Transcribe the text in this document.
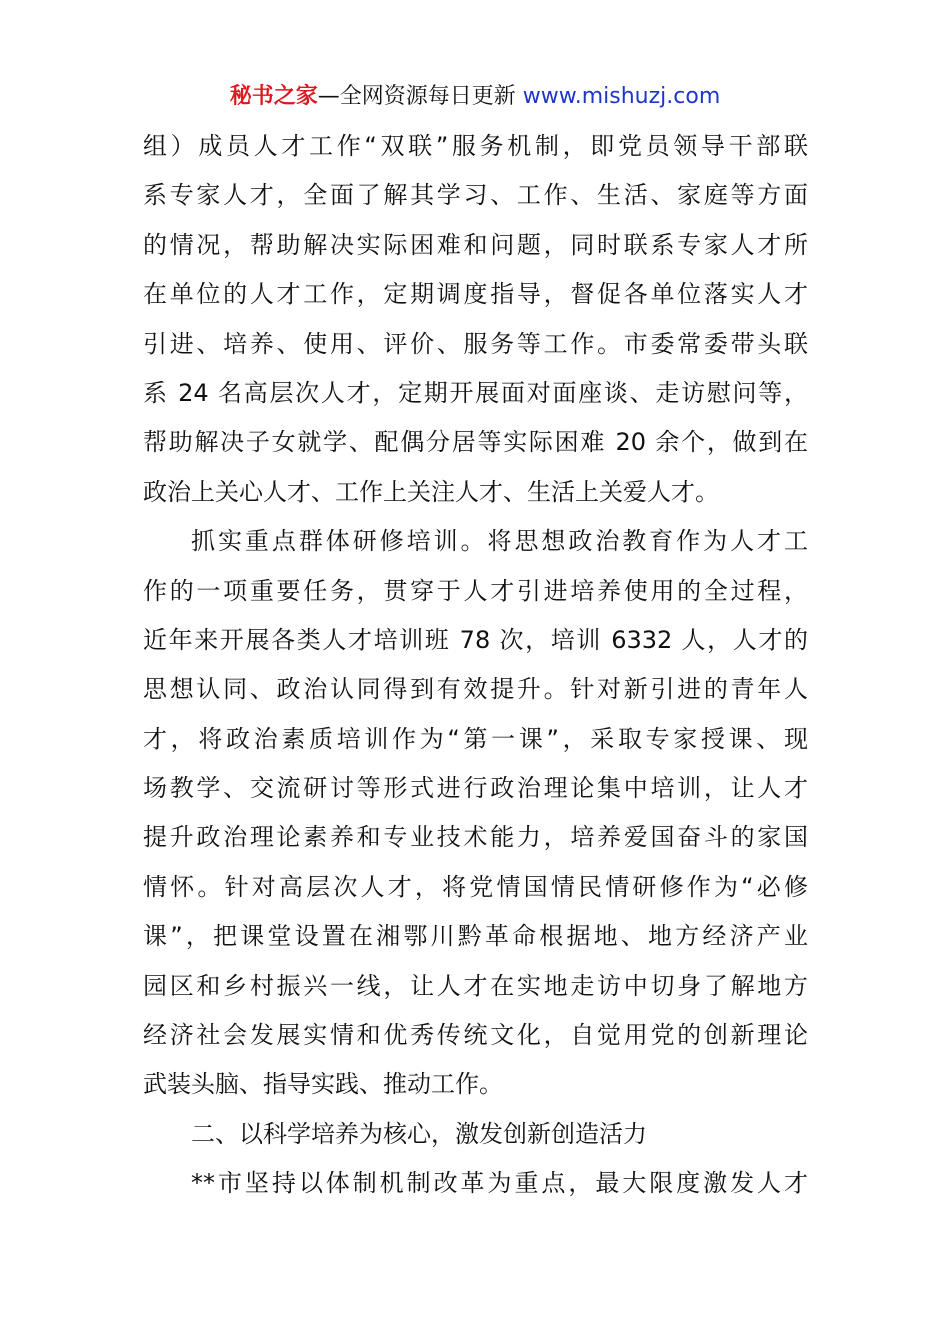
秘书之家—全网资源每日更新 www.mishuzj.com
组）成员人才工作“双联”服务机制，即党员领导干部联
系专家人才，全面了解其学习、工作、生活、家庭等方面
的情况，帮助解决实际困难和问题，同时联系专家人才所
在单位的人才工作，定期调度指导，督促各单位落实人才
引进、培养、使用、评价、服务等工作。市委常委带头联
系 24 名高层次人才，定期开展面对面座谈、走访慰问等，
帮助解决子女就学、配偶分居等实际困难 20 余个，做到在
政治上关心人才、工作上关注人才、生活上关爱人才。
抓实重点群体研修培训。将思想政治教育作为人才工
作的一项重要任务，贯穿于人才引进培养使用的全过程，
近年来开展各类人才培训班 78 次，培训 6332 人，人才的
思想认同、政治认同得到有效提升。针对新引进的青年人
才，将政治素质培训作为“第一课”，采取专家授课、现
场教学、交流研讨等形式进行政治理论集中培训，让人才
提升政治理论素养和专业技术能力，培养爱国奋斗的家国
情怀。针对高层次人才，将党情国情民情研修作为“必修
课”，把课堂设置在湘鄂川黔革命根据地、地方经济产业
园区和乡村振兴一线，让人才在实地走访中切身了解地方
经济社会发展实情和优秀传统文化，自觉用党的创新理论
武装头脑、指导实践、推动工作。
二、以科学培养为核心，激发创新创造活力
**市坚持以体制机制改革为重点，最大限度激发人才
